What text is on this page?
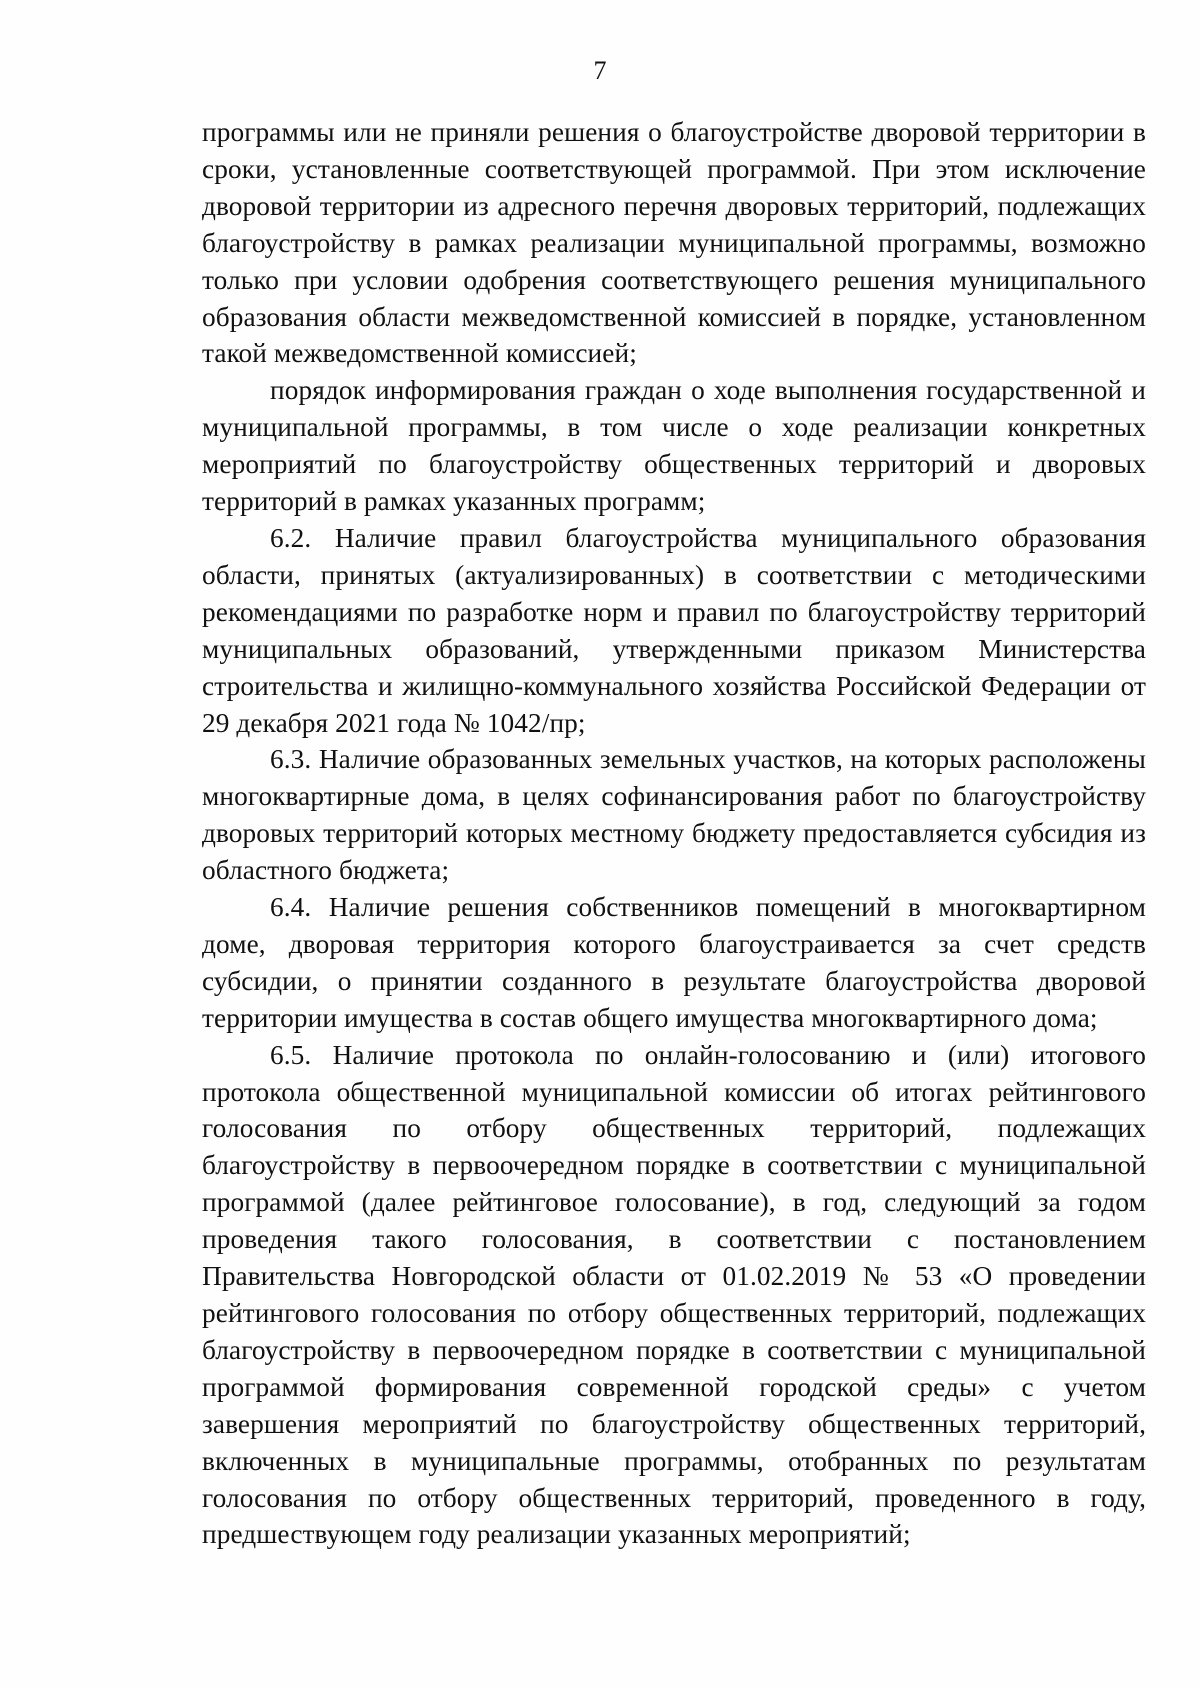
7

программы или не приняли решения о благоустройстве дворовой территории в сроки, установленные соответствующей программой. При этом исключение дворовой территории из адресного перечня дворовых территорий, подлежащих благоустройству в рамках реализации муниципальной программы, возможно только при условии одобрения соответствующего решения муниципального образования области межведомственной комиссией в порядке, установленном такой межведомственной комиссией;

порядок информирования граждан о ходе выполнения государственной и муниципальной программы, в том числе о ходе реализации конкретных мероприятий по благоустройству общественных территорий и дворовых территорий в рамках указанных программ;

6.2. Наличие правил благоустройства муниципального образования области, принятых (актуализированных) в соответствии с методическими рекомендациями по разработке норм и правил по благоустройству территорий муниципальных образований, утвержденными приказом Министерства строительства и жилищно-коммунального хозяйства Российской Федерации от 29 декабря 2021 года № 1042/пр;

6.3. Наличие образованных земельных участков, на которых расположены многоквартирные дома, в целях софинансирования работ по благоустройству дворовых территорий которых местному бюджету предоставляется субсидия из областного бюджета;

6.4. Наличие решения собственников помещений в многоквартирном доме, дворовая территория которого благоустраивается за счет средств субсидии, о принятии созданного в результате благоустройства дворовой территории имущества в состав общего имущества многоквартирного дома;

6.5. Наличие протокола по онлайн-голосованию и (или) итогового протокола общественной муниципальной комиссии об итогах рейтингового голосования по отбору общественных территорий, подлежащих благоустройству в первоочередном порядке в соответствии с муниципальной программой (далее рейтинговое голосование), в год, следующий за годом проведения такого голосования, в соответствии с постановлением Правительства Новгородской области от 01.02.2019 № 53 «О проведении рейтингового голосования по отбору общественных территорий, подлежащих благоустройству в первоочередном порядке в соответствии с муниципальной программой формирования современной городской среды» с учетом завершения мероприятий по благоустройству общественных территорий, включенных в муниципальные программы, отобранных по результатам голосования по отбору общественных территорий, проведенного в году, предшествующем году реализации указанных мероприятий;
